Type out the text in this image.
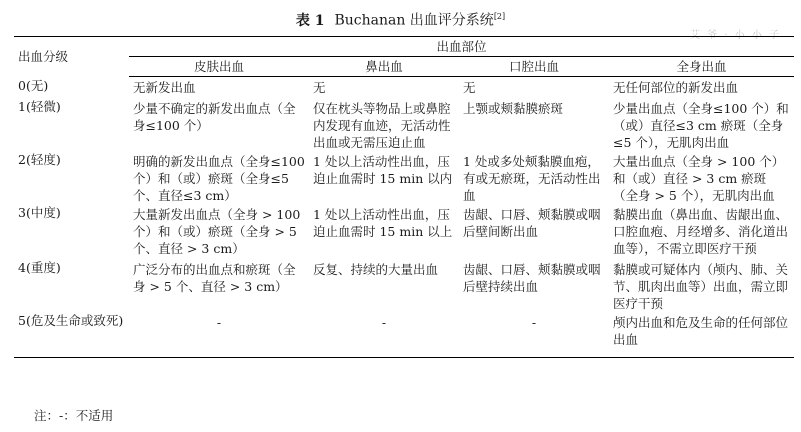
表 1 Buchanan 出血评分系统[2]
艾 爷 · 小 小 子
出血分级	出血部位			
	皮肤出血	鼻出血	口腔出血	全身出血
0(无)	无新发出血	无	无	无任何部位的新发出血
1(轻微)	少量不确定的新发出血点（全身≤100 个）	仅在枕头等物品上或鼻腔内发现有血迹，无活动性出血或无需压迫止血	上颚或颊黏膜瘀斑	少量出血点（全身≤100 个）和（或）直径≤3 cm 瘀斑（全身≤5 个），无肌肉出血
2(轻度)	明确的新发出血点（全身≤100 个）和（或）瘀斑（全身≤5 个、直径≤3 cm）	1 处以上活动性出血，压迫止血需时 15 min 以内	1 处或多处颊黏膜血疱，有或无瘀斑，无活动性出血	大量出血点（全身 > 100 个）和（或）直径 > 3 cm 瘀斑（全身 > 5 个），无肌肉出血
3(中度)	大量新发出血点（全身 > 100 个）和（或）瘀斑（全身 > 5 个、直径 > 3 cm）	1 处以上活动性出血，压迫止血需时 15 min 以上	齿龈、口唇、颊黏膜或咽后壁间断出血	黏膜出血（鼻出血、齿龈出血、口腔血疱、月经增多、消化道出血等），不需立即医疗干预
4(重度)	广泛分布的出血点和瘀斑（全身 > 5 个、直径 > 3 cm）	反复、持续的大量出血	齿龈、口唇、颊黏膜或咽后壁持续出血	黏膜或可疑体内（颅内、肺、关节、肌肉出血等）出血，需立即医疗干预
5(危及生命或致死)	-	-	-	颅内出血和危及生命的任何部位出血
注：-：不适用
